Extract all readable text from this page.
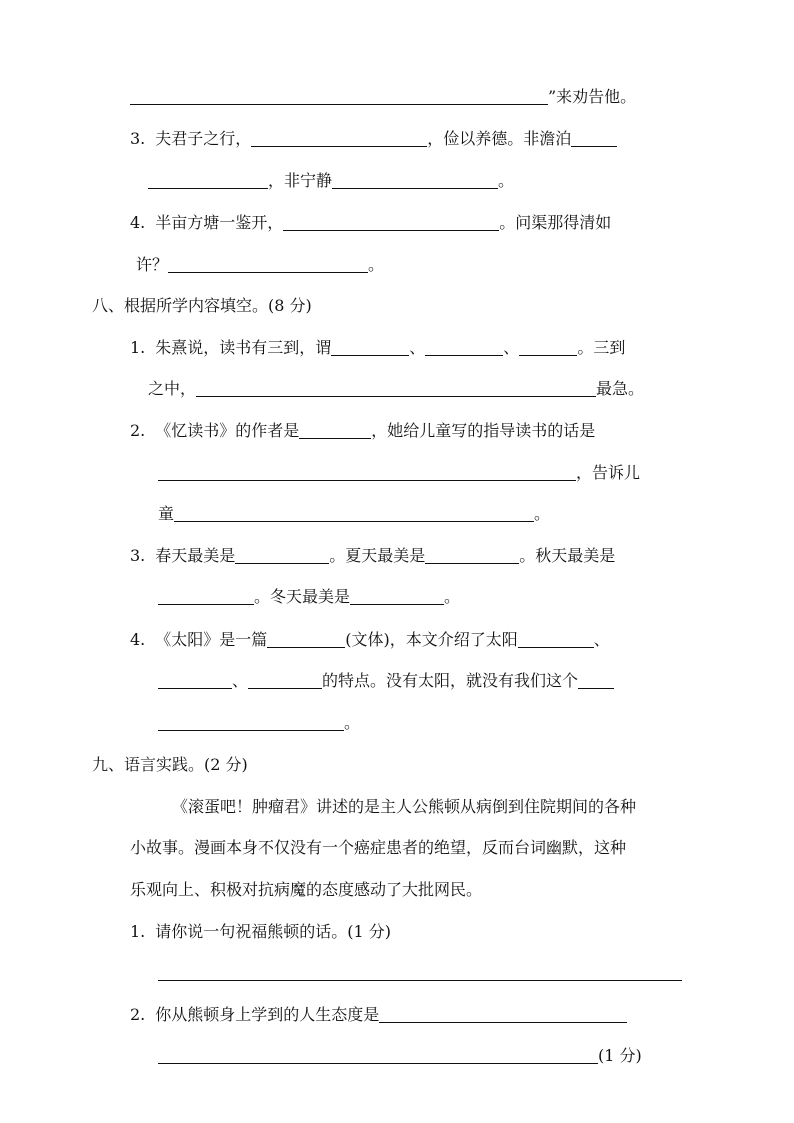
”来劝告他。
3. 夫君子之行，	，俭以养德。非澹泊
，非宁静	。
4. 半亩方塘一鉴开，	。问渠那得清如
许？	。
八、根据所学内容填空。(8 分)
1. 朱熹说，读书有三到，谓	、	、	。三到
之中，	最急。
2. 《忆读书》的作者是	，她给儿童写的指导读书的话是
，告诉儿
童	。
3. 春天最美是	。夏天最美是	。秋天最美是
。冬天最美是	。
4. 《太阳》是一篇	(文体)，本文介绍了太阳	、
、	的特点。没有太阳，就没有我们这个
。
九、语言实践。(2 分)
《滚蛋吧！肿瘤君》讲述的是主人公熊顿从病倒到住院期间的各种
小故事。漫画本身不仅没有一个癌症患者的绝望，反而台词幽默，这种
乐观向上、积极对抗病魔的态度感动了大批网民。
1. 请你说一句祝福熊顿的话。(1 分)
2. 你从熊顿身上学到的人生态度是
(1 分)
